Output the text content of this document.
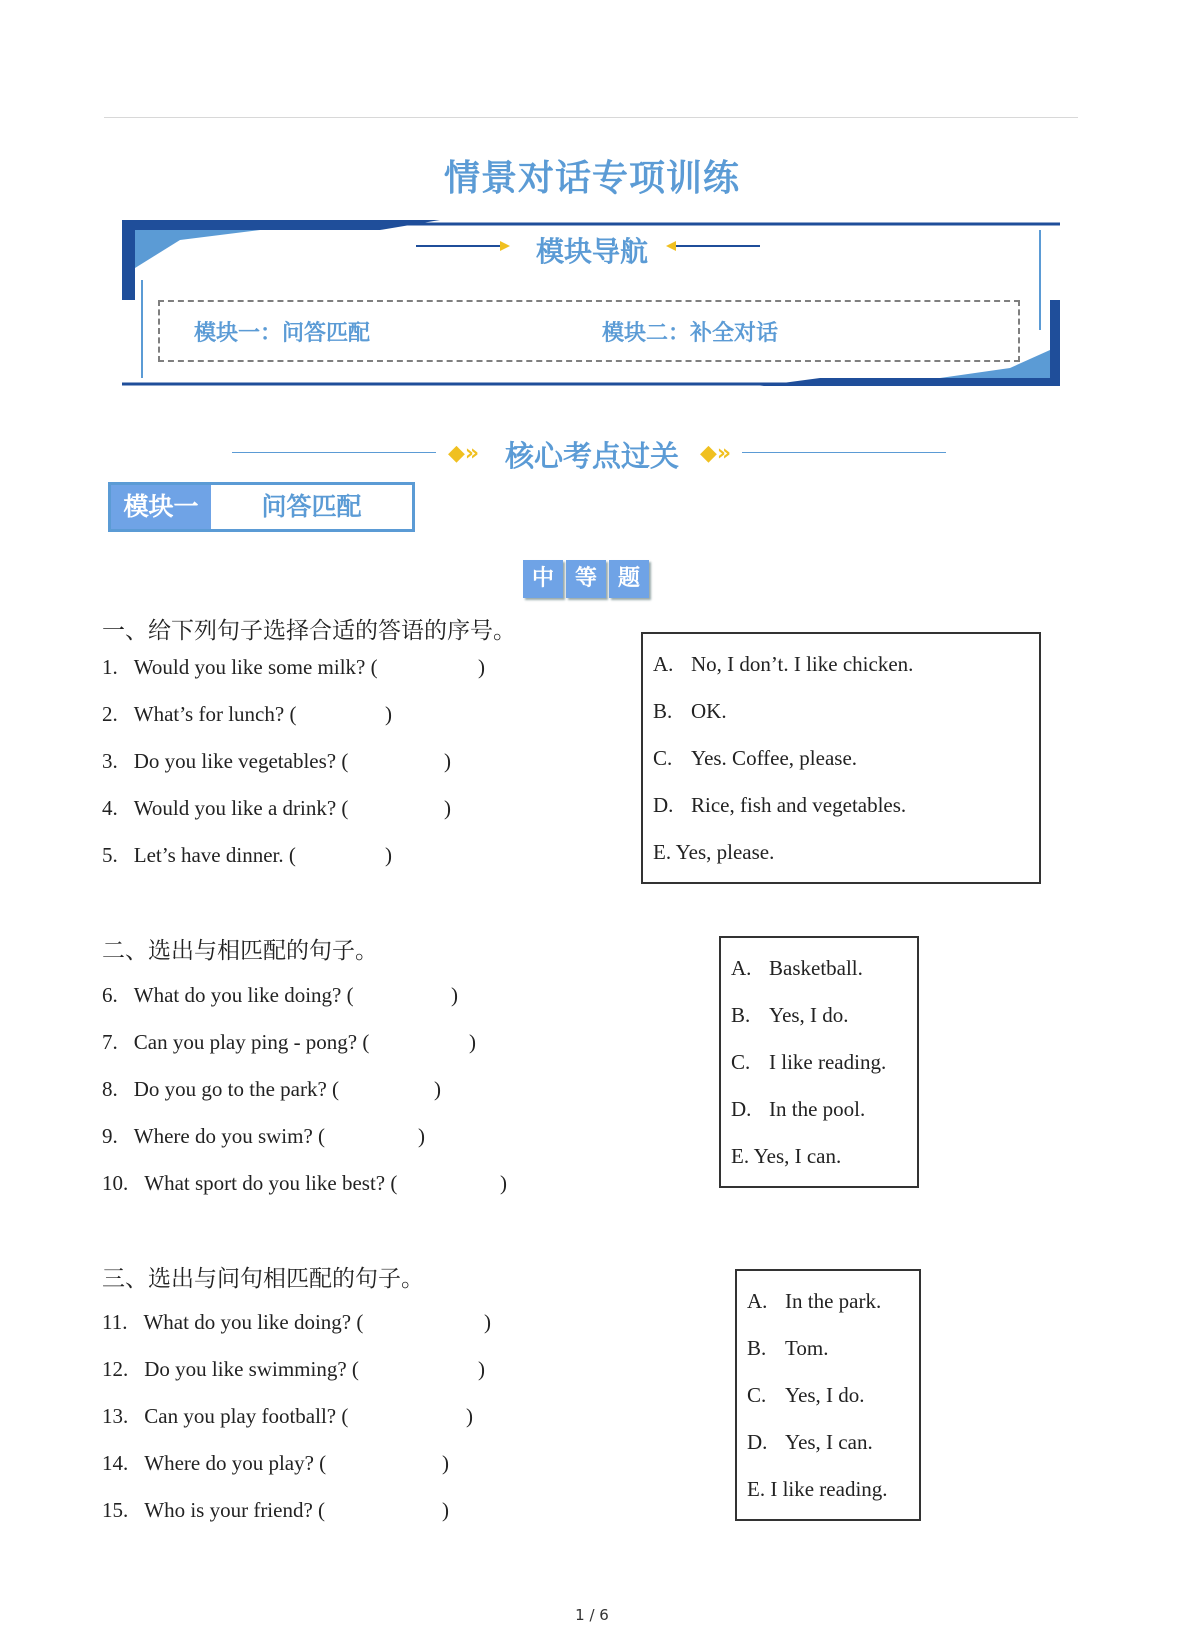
情景对话专项训练
模块导航
模块一：问答匹配	模块二：补全对话
◆» 核心考点过关 ◆»
模块一	问答匹配
中 等 题
一、给下列句子选择合适的答语的序号。
1. Would you like some milk? (	)
2. What’s for lunch? (	)
3. Do you like vegetables? (	)
4. Would you like a drink? (	)
5. Let’s have dinner. (	)
A. No, I don’t. I like chicken.
B. OK.
C. Yes. Coffee, please.
D. Rice, fish and vegetables.
E. Yes, please.
二、选出与相匹配的句子。
6. What do you like doing? (	)
7. Can you play ping - pong? (	)
8. Do you go to the park? (	)
9. Where do you swim? (	)
10. What sport do you like best? (	)
A. Basketball.
B. Yes, I do.
C. I like reading.
D. In the pool.
E. Yes, I can.
三、选出与问句相匹配的句子。
11. What do you like doing? (	)
12. Do you like swimming? (	)
13. Can you play football? (	)
14. Where do you play? (	)
15. Who is your friend? (	)
A. In the park.
B. Tom.
C. Yes, I do.
D. Yes, I can.
E. I like reading.
1 / 6
